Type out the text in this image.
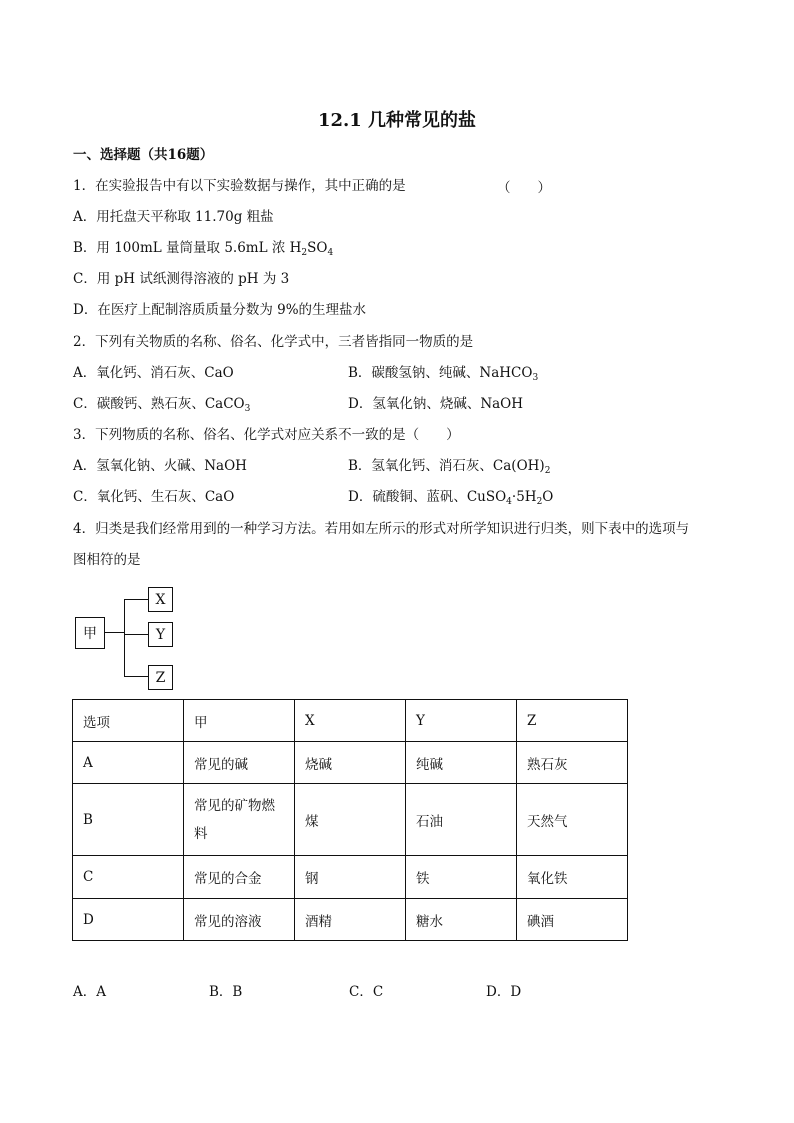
12.1 几种常见的盐
一、选择题（共16题）
1．在实验报告中有以下实验数据与操作，其中正确的是	（　　）
A．用托盘天平称取 11.70g 粗盐
B．用 100mL 量筒量取 5.6mL 浓 $H_2SO_4$
C．用 pH 试纸测得溶液的 pH 为 3
D．在医疗上配制溶质质量分数为 9%的生理盐水
2．下列有关物质的名称、俗名、化学式中，三者皆指同一物质的是
A．氧化钙、消石灰、CaO	B．碳酸氢钠、纯碱、NaHCO$_3$
C．碳酸钙、熟石灰、CaCO$_3$	D．氢氧化钠、烧碱、NaOH
3．下列物质的名称、俗名、化学式对应关系不一致的是（　　）
A．氢氧化钠、火碱、NaOH	B．氢氧化钙、消石灰、$Ca(OH)_2$
C．氧化钙、生石灰、CaO	D．硫酸铜、蓝矾、$CuSO_4\cdot 5H_2O$
4．归类是我们经常用到的一种学习方法。若用如左所示的形式对所学知识进行归类，则下表中的选项与
图相符的是
甲
X
Y
Z
选项	甲	X	Y	Z
A	常见的碱	烧碱	纯碱	熟石灰
B	常见的矿物燃料	煤	石油	天然气
C	常见的合金	钢	铁	氧化铁
D	常见的溶液	酒精	糖水	碘酒
A．A	B．B	C．C	D．D
